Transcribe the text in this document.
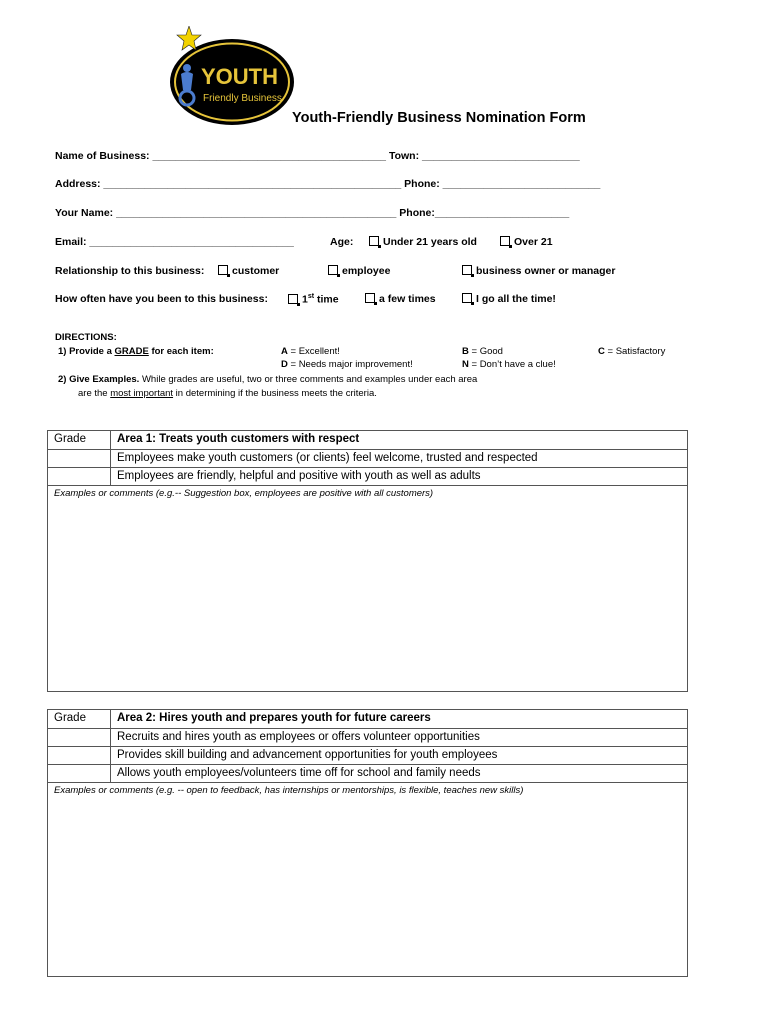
YOUTH
Friendly Business
Youth-Friendly Business Nomination Form
Name of Business: ________________________________________ Town: ___________________________
Address: ___________________________________________________ Phone: ___________________________
Your Name: ________________________________________________ Phone:_______________________
Email: ___________________________________	Age:	Under 21 years old	Over 21
Relationship to this business:	customer	employee	business owner or manager
How often have you been to this business:	1st time	a few times	I go all the time!
DIRECTIONS:
1) Provide a GRADE for each item:	A = Excellent!	B = Good	C = Satisfactory
D = Needs major improvement!	N = Don’t have a clue!
2) Give Examples. While grades are useful, two or three comments and examples under each area
are the most important in determining if the business meets the criteria.
Grade	Area 1: Treats youth customers with respect
Employees make youth customers (or clients) feel welcome, trusted and respected
Employees are friendly, helpful and positive with youth as well as adults
Examples or comments (e.g.-- Suggestion box, employees are positive with all customers)
Grade	Area 2: Hires youth and prepares youth for future careers
Recruits and hires youth as employees or offers volunteer opportunities
Provides skill building and advancement opportunities for youth employees
Allows youth employees/volunteers time off for school and family needs
Examples or comments (e.g. -- open to feedback, has internships or mentorships, is flexible, teaches new skills)
